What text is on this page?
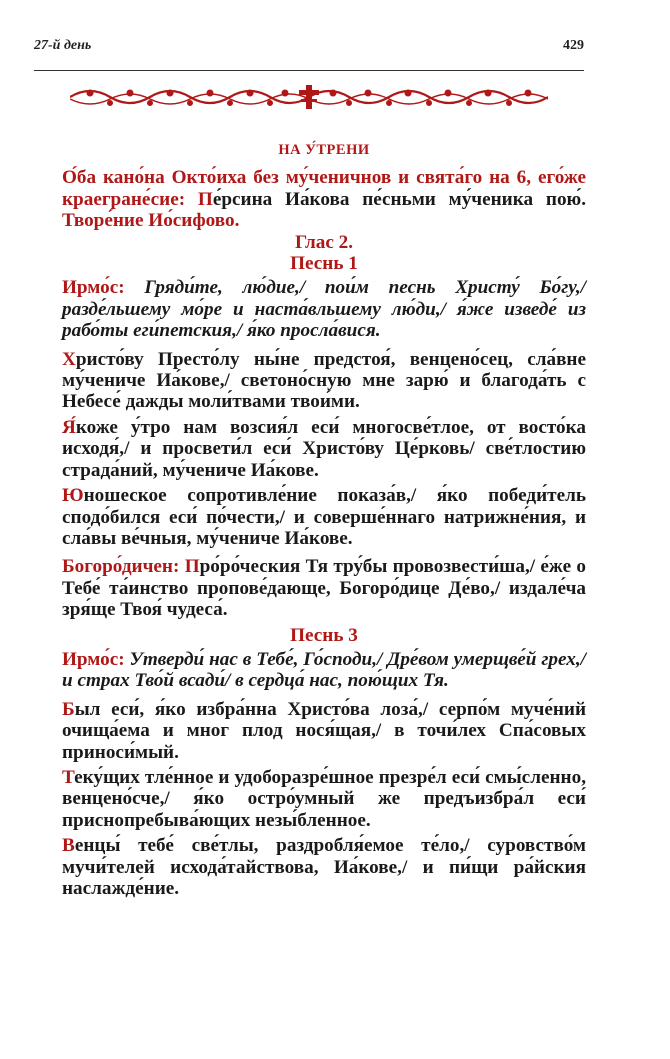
27-й день	429

НА У́ТРЕНИ

О́ба кано́на Окто́иха без му́ченичнов и свята́го на 6, его́же краегране́сие: Пе́рсина Иа́кова пе́сньми му́ченика пою́. Творе́ние Ио́сифово.

Глас 2.

Песнь 1

Ирмо́с: Гряди́те, лю́дие,/ пои́м песнь Христу́ Бо́гу,/ разде́льшему мо́ре и наста́вльшему лю́ди,/ я́же изведе́ из рабо́ты еги́петския,/ я́ко просла́вися.

Христо́ву Престо́лу ны́не предстоя́, венцено́сец, сла́вне му́чениче Иа́кове,/ светоно́сную мне зарю́ и благода́ть с Небесе́ дажды моли́твами твои́ми.

Я́коже у́тро нам возсия́л еси́ многосве́тлое, от восто́ка исходя́,/ и просвети́л еси́ Христо́ву Це́рковь/ све́тлостию страда́ний, му́чениче Иа́кове.

Юношеское сопротивле́ние показа́в,/ я́ко победи́тель сподо́бился еси́ по́чести,/ и соверше́ннаго натрижне́ния, и сла́вы ве́чныя, му́чениче Иа́кове.

Богоро́дичен: Про́ро́ческия Тя тру́бы провозвести́ша,/ е́же о Тебе́ та́инство пропове́дающе, Богоро́дице Де́во,/ издале́ча зря́ще Твоя́ чудеса́.

Песнь 3

Ирмо́с: Утверди́ нас в Тебе́, Го́споди,/ Дре́вом умерщве́й грех,/ и страх Тво́й всади́/ в сердца́ нас, пою́щих Тя.

Был еси́, я́ко избра́нна Христо́ва лоза́,/ серпо́м муче́ний очища́ема и мног плод нося́щая,/ в точи́лех Спа́совых приноси́мый.

Теку́щих тле́нное и удоборазре́шное презре́л еси́ смы́сленно, венцено́сче,/ я́ко остро́умный же предъизбра́л еси́ приснопребыва́ющих незы́бленное.

Венцы́ тебе́ све́тлы, раздробля́емое те́ло,/ суровство́м мучи́телей исхода́тайствова, Иа́кове,/ и пи́щи ра́йския наслажде́ние.
